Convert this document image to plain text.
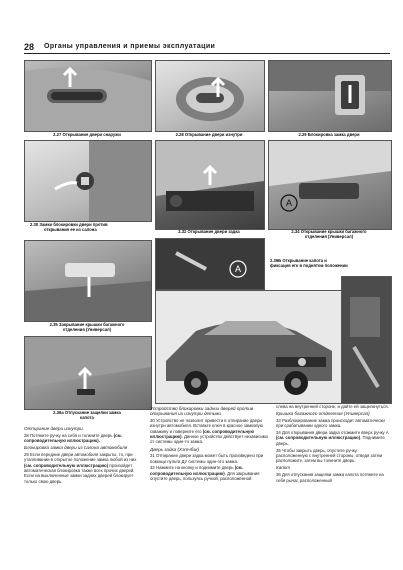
28 Органы управления и приемы эксплуатации
2.27 Открывание двери снаружи	2.28 Открывание двери изнутри	2.29 Блокировка замка двери
2.30 Замки блокировки двери против
открывания ее из салона	2.32 Открывание двери задка
A
2.34 Открывание крышки багажного
отделения (Универсал)
2.35 Закрывание крышки багажного
отделения (Универсал)
A
2.36Б Открывание капота и
фиксация его в поднятом положении
2.36а Отпускание защелки замка
капота
Отпирание двери изнутри

28 Потяните ручку на себя и толкните дверь (см. сопроводительную иллюстрацию).

Блокировка замка двери из салона автомобиля

29 Если передние двери автомобиля закрыты, то, при утапливании в открытое положение замка любой из них (см. сопроводительную иллюстрацию) произойдет автоматическая блокировка также всех прочих дверей. Если на выключенные замки задних дверей блокирует только свою дверь.

Устройство блокировки задних дверей против открывания их изнутри детьми

30 Устройство не позволит привести в отпирание двери изнутри автомобиля. Вставьте ключ в красное замковую скважину и поверните его (см. сопроводительную иллюстрацию). Данное устройство действует независимо от системы один-то замка.

Дверь задка (Хэтчбэк)

31 Отпирание двери задка может быть произведено при помощи пульта ДУ системы один-это замка.

32 Нажмите на кнопку и поднимите дверь (см. сопроводительную иллюстрацию). Для закрывания опустите дверь, пользуясь ручкой, расположенной

слева на внутренней стороне, и дайте ей защелкнуться.

Крышка багажного отделения (Универсал)

33 Разблокирование замка происходит автоматически при срабатывании одного замка.

34 Для открывания двери задка отожмите вверх ручку А (см. сопроводительную иллюстрацию). Поднимите дверь.

35 Чтобы закрыть дверь, опустите ручку, расположенную с внутренней стороны, отведя затем расположите, затем вы толкните дверь.

Капот

36 Для отпускания защелки замка капота потяните на себя рычаг, расположенный
